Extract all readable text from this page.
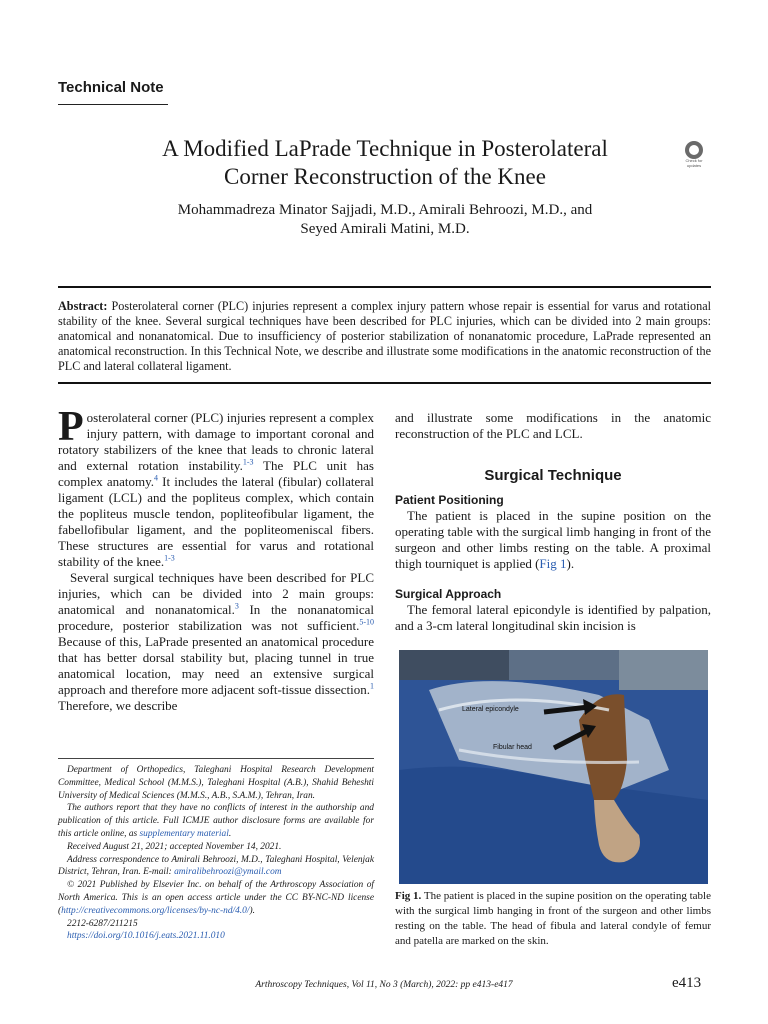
Technical Note
A Modified LaPrade Technique in Posterolateral
Corner Reconstruction of the Knee
Check for updates
Mohammadreza Minator Sajjadi, M.D., Amirali Behroozi, M.D., and
Seyed Amirali Matini, M.D.
Abstract: Posterolateral corner (PLC) injuries represent a complex injury pattern whose repair is essential for varus and rotational stability of the knee. Several surgical techniques have been described for PLC injuries, which can be divided into 2 main groups: anatomical and nonanatomical. Due to insufficiency of posterior stabilization of nonanatomic procedure, LaPrade represented an anatomical reconstruction. In this Technical Note, we describe and illustrate some modifications in the anatomic reconstruction of the PLC and lateral collateral ligament.

Posterolateral corner (PLC) injuries represent a complex injury pattern, with damage to important coronal and rotatory stabilizers of the knee that leads to chronic lateral and external rotation instability.$^{1-3}$ The PLC unit has complex anatomy.$^4$ It includes the lateral (fibular) collateral ligament (LCL) and the popliteus complex, which contain the popliteus muscle tendon, popliteofibular ligament, the fabellofibular ligament, and the popliteomeniscal fibers. These structures are essential for varus and rotational stability of the knee.$^{1-3}$

Several surgical techniques have been described for PLC injuries, which can be divided into 2 main groups: anatomical and nonanatomical.$^3$ In the nonanatomical procedure, posterior stabilization was not sufficient.$^{5-10}$ Because of this, LaPrade presented an anatomical procedure that has better dorsal stability but, placing tunnel in true anatomical location, may need an extensive surgical approach and therefore more adjacent soft-tissue dissection.$^1$ Therefore, we describe

and illustrate some modifications in the anatomic reconstruction of the PLC and LCL.

Surgical Technique
Patient Positioning

The patient is placed in the supine position on the operating table with the surgical limb hanging in front of the surgeon and other limbs resting on the table. A proximal thigh tourniquet is applied (Fig 1).

Surgical Approach

The femoral lateral epicondyle is identified by palpation, and a 3-cm lateral longitudinal skin incision is

Lateral epicondyle
Fibular head
Fig 1. The patient is placed in the supine position on the operating table with the surgical limb hanging in front of the surgeon and other limbs resting on the table. The head of fibula and lateral condyle of femur and patella are marked on the skin.

Department of Orthopedics, Taleghani Hospital Research Development Committee, Medical School (M.M.S.), Taleghani Hospital (A.B.), Shahid Beheshti University of Medical Sciences (M.M.S., A.B., S.A.M.), Tehran, Iran.

The authors report that they have no conflicts of interest in the authorship and publication of this article. Full ICMJE author disclosure forms are available for this article online, as supplementary material.

Received August 21, 2021; accepted November 14, 2021.

Address correspondence to Amirali Behroozi, M.D., Taleghani Hospital, Velenjak District, Tehran, Iran. E-mail: amiralibehroozi@ymail.com

© 2021 Published by Elsevier Inc. on behalf of the Arthroscopy Association of North America. This is an open access article under the CC BY-NC-ND license (http://creativecommons.org/licenses/by-nc-nd/4.0/).

2212-6287/211215

https://doi.org/10.1016/j.eats.2021.11.010

Arthroscopy Techniques, Vol 11, No 3 (March), 2022: pp e413-e417	e413
